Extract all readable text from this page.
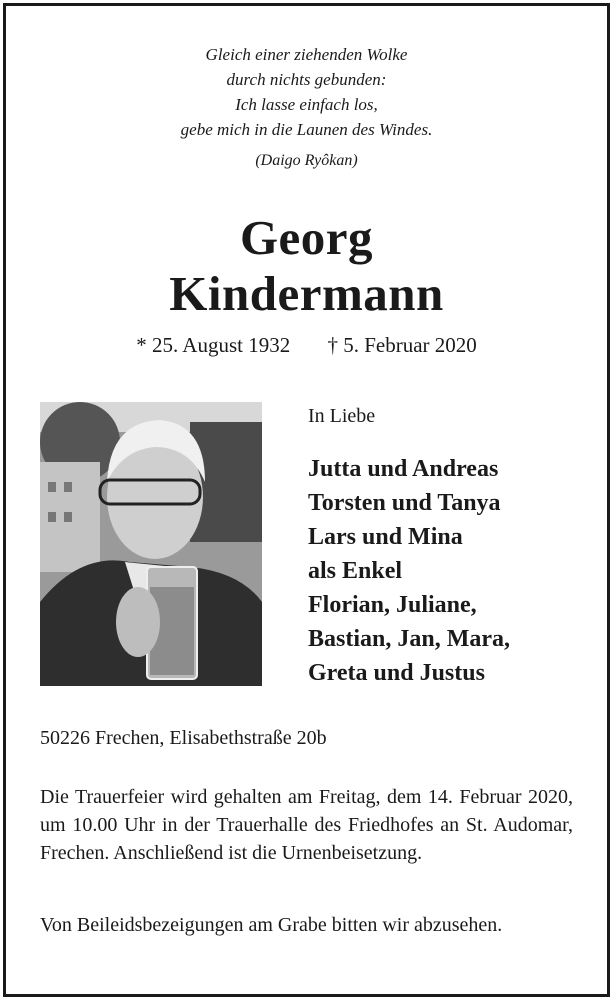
Gleich einer ziehenden Wolke
durch nichts gebunden:
Ich lasse einfach los,
gebe mich in die Launen des Windes.
(Daigo Ryôkan)
Georg
Kindermann
* 25. August 1932 † 5. Februar 2020
In Liebe
Jutta und Andreas
Torsten und Tanya
Lars und Mina
als Enkel
Florian, Juliane,
Bastian, Jan, Mara,
Greta und Justus
50226 Frechen, Elisabethstraße 20b
Die Trauerfeier wird gehalten am Freitag, dem 14. Februar 2020, um 10.00 Uhr in der Trauerhalle des Friedhofes an St. Audomar, Frechen. Anschließend ist die Urnenbeisetzung.
Von Beileidsbezeigungen am Grabe bitten wir abzusehen.
